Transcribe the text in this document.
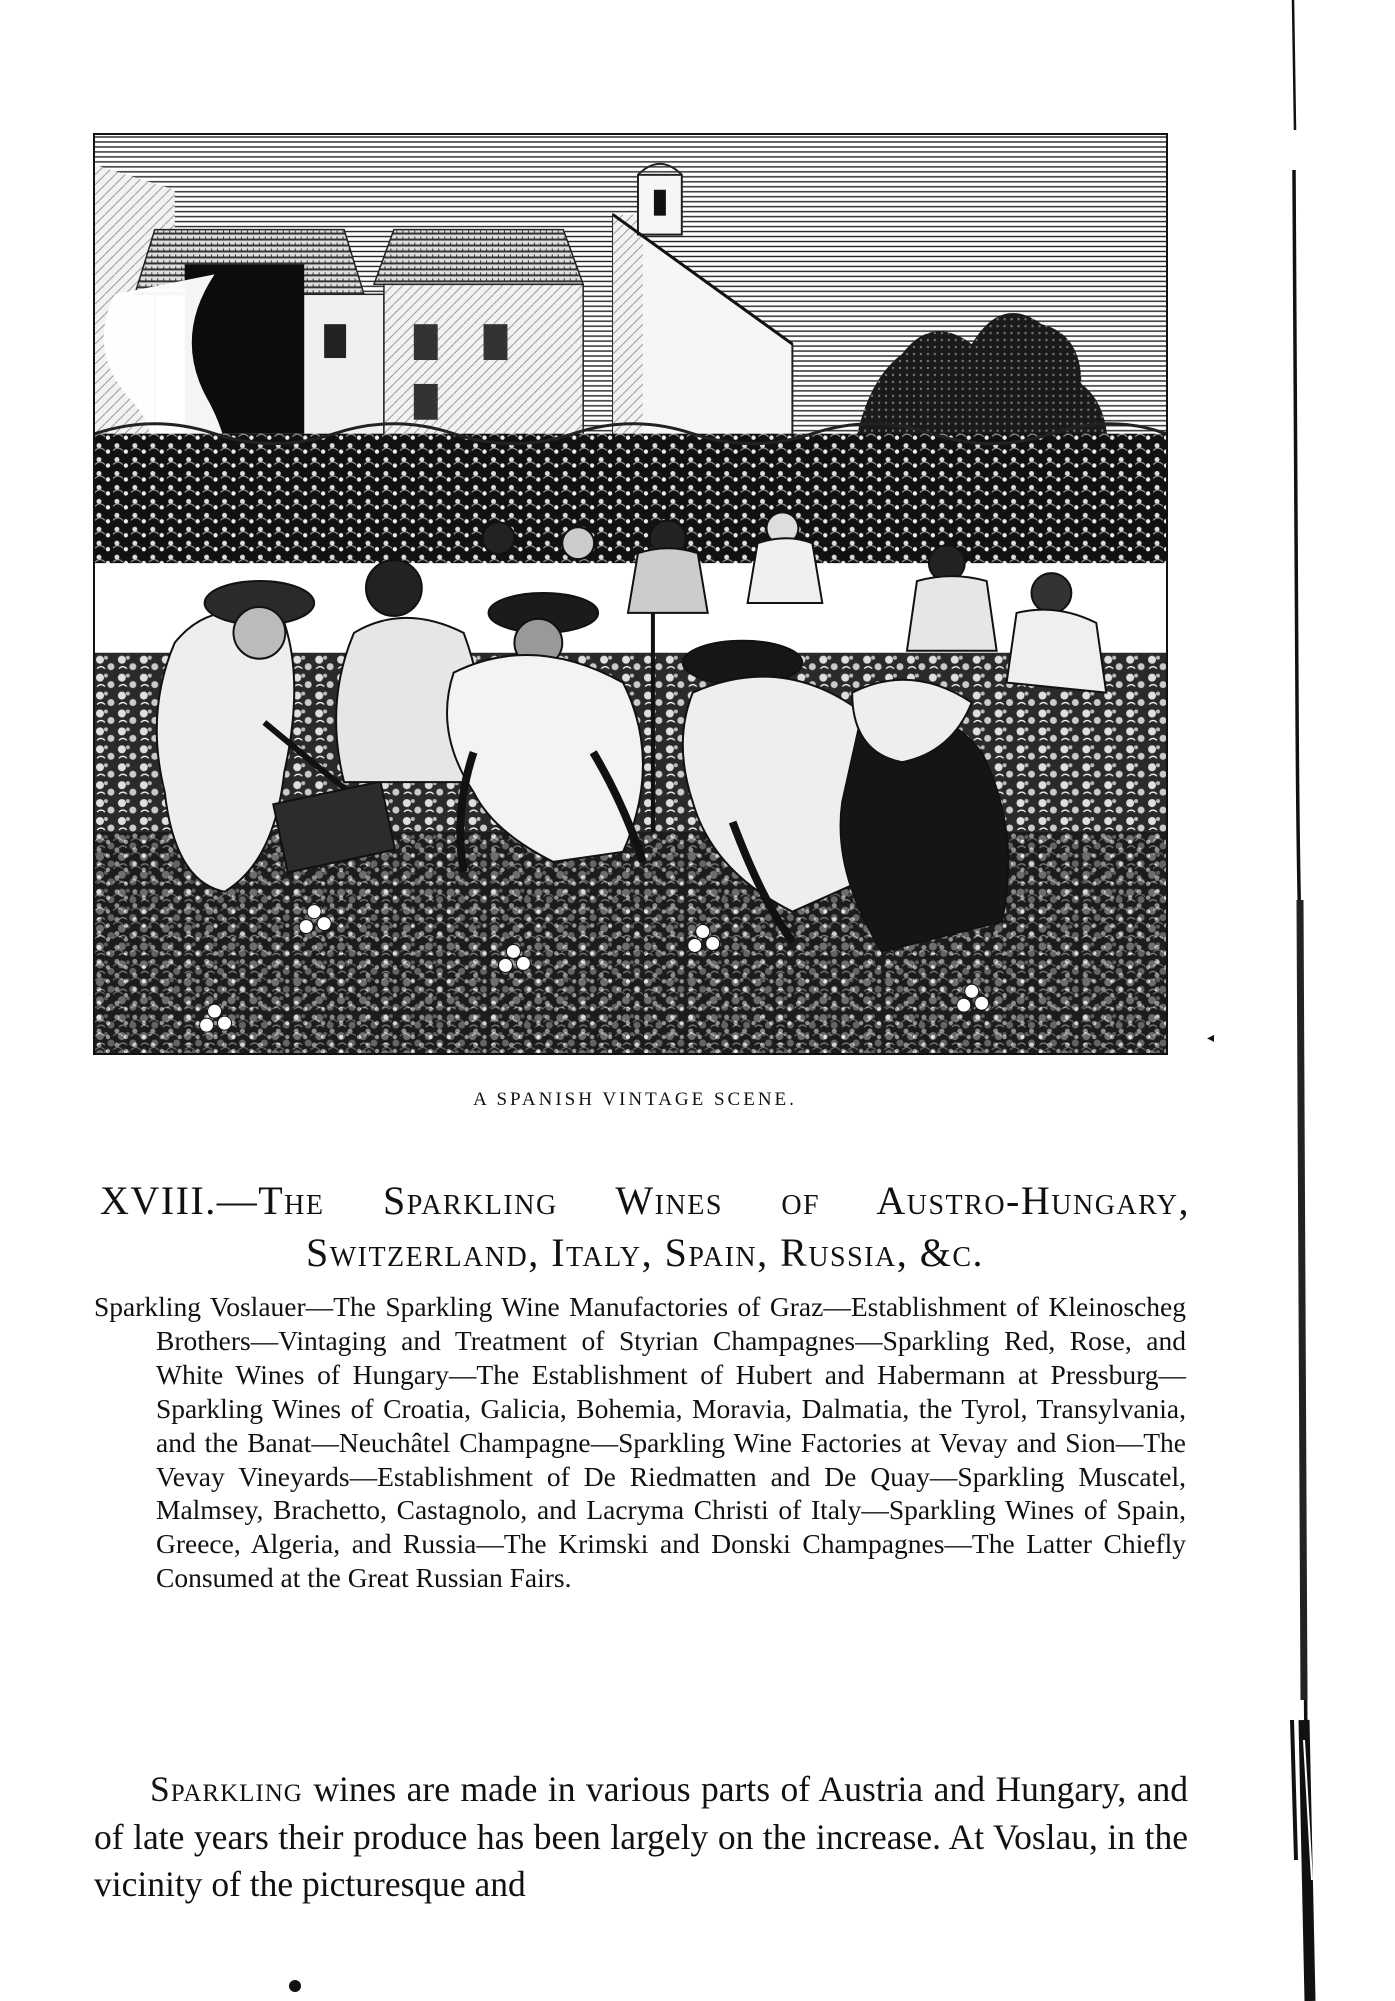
◂
A SPANISH VINTAGE SCENE.
XVIII.—The Sparkling Wines of Austro-Hungary,
Switzerland, Italy, Spain, Russia, &c.
Sparkling Voslauer—The Sparkling Wine Manufactories of Graz—Establishment of Kleinoscheg Brothers—Vintaging and Treatment of Styrian Champagnes—Sparkling Red, Rose, and White Wines of Hungary—The Establishment of Hubert and Habermann at Pressburg—Sparkling Wines of Croatia, Galicia, Bohemia, Moravia, Dalmatia, the Tyrol, Transylvania, and the Banat—Neuchâtel Champagne—Sparkling Wine Factories at Vevay and Sion—The Vevay Vineyards—Establishment of De Riedmatten and De Quay—Sparkling Muscatel, Malmsey, Brachetto, Castagnolo, and Lacryma Christi of Italy—Sparkling Wines of Spain, Greece, Algeria, and Russia—The Krimski and Donski Champagnes—The Latter Chiefly Consumed at the Great Russian Fairs.
Sparkling wines are made in various parts of Austria and Hungary, and of late years their produce has been largely on the increase. At Voslau, in the vicinity of the picturesque and
